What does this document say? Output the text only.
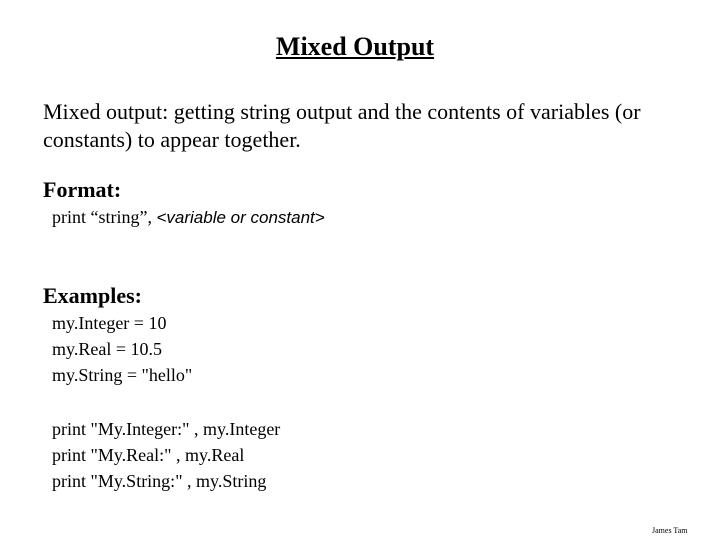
Mixed Output
Mixed output: getting string output and the contents of variables (or constants) to appear together.
Format:
print “string”, <variable or constant>
Examples:
my.Integer = 10
my.Real = 10.5
my.String = "hello"
print "My.Integer:" , my.Integer
print "My.Real:" , my.Real
print "My.String:" , my.String
James Tam
